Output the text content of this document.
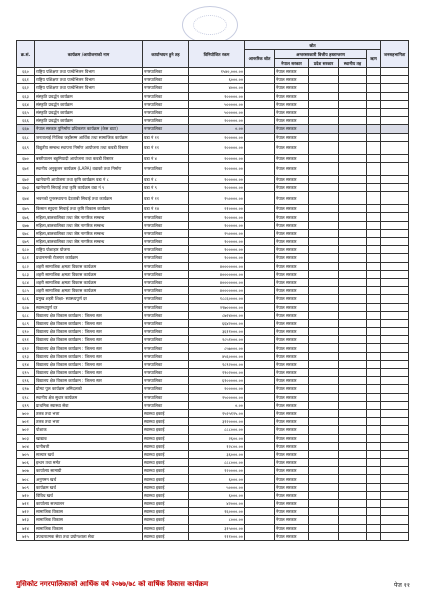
क्र.सं.	कार्यक्रम /आयोजनाको नाम	कार्यान्वयन हुने तह	विनियोजित रकम	स्रोत					जनसहभागिता
				आन्तरिक स्रोत	अन्तरसरकारी वित्तीय हस्तान्तरण			ऋण	
					नेपाल सरकार	प्रदेश सरकार	स्थानीय तह		
६६०	राष्ट्रिय पशिक्षण तथा पञ्चेभिलन विभाग	नगरपालिका	१५४०,०००.००		नेपाल सरकार				
६६१	राष्ट्रिय पशिक्षण तथा पञ्चेभिलन विभाग	नगरपालिका	६०००.००		नेपाल सरकार				
६६२	राष्ट्रिय पशिक्षण तथा पञ्चेभिलन विभाग	नगरपालिका	४०००.००		नेपाल सरकार				
६६३	संस्कृति प्रवर्द्धन कार्यक्रम	नगरपालिका	१०००००.००		नेपाल सरकार				
६६४	संस्कृति प्रवर्द्धन कार्यक्रम	नगरपालिका	५०००००.००		नेपाल सरकार				
६६५	संस्कृति प्रवर्द्धन कार्यक्रम	नगरपालिका	५०००००.००		नेपाल सरकार				
६६६	संस्कृति प्रवर्द्धन कार्यक्रम	नगरपालिका	२०००००.००		नेपाल सरकार				
६६७	नेपाल सरकार पुनिर्माण प्रधिकरण कार्यक्रम (केस डाटा)	नगरपालिका	०.००		नेपाल सरकार				
६६८	जनतालाई निजिक जहाँसम्म आर्थिक तथा सामाजिक कार्यक्रम	वडा नं ११	२०००००.००		नेपाल सरकार				
६६९	विद्युतीय सम्बन्ध स्थापना निर्माण आयोजना तथा कवडी विस्तार	वडा नं ११	२०००००.००		नेपाल सरकार				
६७०	बस्तीपालन बहुमियादी आयोजना तथा कवडी विस्तार	वडा नं ४	२०००००.००		नेपाल सरकार				
६७१	स्थानीय अनुकूलन कार्यक्रम (LAPA) वडाको तथा निर्माण	नगरपालिका	१०००००.००		नेपाल सरकार				
६७२	खानेपानी आयोजना तथा कृषि कार्यक्रम वडा नं ८	वडा नं ८	१०००००.००		नेपाल सरकार				
६७३	खानेपानी सिचाई तथा कृषि कार्यक्रम वडा नं ९	वडा नं ९	१०००००.००		नेपाल सरकार				
६७४	भवनको पुनरस्थापना देउताबी सिचाई तथा कार्यक्रम	वडा नं ११	१५००००.००		नेपाल सरकार				
६७५	किसान स्तुदना सिचाई तथा कृषि विकास कार्यक्रम	वडा नं १४	२१००००.००		नेपाल सरकार				
६७६	महिला,बालबालिका तथा जेष्ठ नागरिक सम्बन्ध	नगरपालिका	१०००००.००		नेपाल सरकार				
६७७	महिला,बालबालिका तथा जेष्ठ नागरिक सम्बन्ध	नगरपालिका	१०००००.००		नेपाल सरकार				
६७८	महिला,बालबालिका तथा जेष्ठ नागरिक सम्बन्ध	नगरपालिका	२५००००.००		नेपाल सरकार				
६७९	महिला,बालबालिका तथा जेष्ठ नागरिक सम्बन्ध	नगरपालिका	१०००००.००		नेपाल सरकार				
६८०	राष्ट्रिय पोशाहार योजना	नगरपालिका	१०००००.००		नेपाल सरकार				
६८१	प्रधानमन्त्री रोजगार कार्यक्रम	नगरपालिका	१०००००.००		नेपाल सरकार				
६८२	शहरी सामाजिक क्षमता विकास कार्यक्रम	नगरपालिका	४०००००००.००		नेपाल सरकार				
६८३	शहरी सामाजिक क्षमता विकास कार्यक्रम	नगरपालिका	४०००००००.००		नेपाल सरकार				
६८४	शहरी सामाजिक क्षमता विकास कार्यक्रम	नगरपालिका	४०००००००.००		नेपाल सरकार				
६८५	शहरी सामाजिक क्षमता विकास कार्यक्रम	नगरपालिका	४०००००००.००		नेपाल सरकार				
६८६	प्रमुख शहरी शिक्षा- स्वास्थ्यपुर्ण दर	नगरपालिका	१८८६००००.००		नेपाल सरकार				
६८७	स्वास्थ्यपुर्ण दर	नगरपालिका	२९७०००००.००		नेपाल सरकार				
६८८	विद्यालय क्षेत्र विकास कार्यक्रम : जिल्ला स्तर	नगरपालिका	८७२४०००.००		नेपाल सरकार				
६८९	विद्यालय क्षेत्र विकास कार्यक्रम : जिल्ला स्तर	नगरपालिका	६६४२०००.००		नेपाल सरकार				
६९०	विद्यालय क्षेत्र विकास कार्यक्रम : जिल्ला स्तर	नगरपालिका	३६११०००.००		नेपाल सरकार				
६९१	विद्यालय क्षेत्र विकास कार्यक्रम : जिल्ला स्तर	नगरपालिका	२८५१०००.००		नेपाल सरकार				
६९२	विद्यालय क्षेत्र विकास कार्यक्रम : जिल्ला स्तर	नगरपालिका	८५७०००.००		नेपाल सरकार				
६९३	विद्यालय क्षेत्र विकास कार्यक्रम : जिल्ला स्तर	नगरपालिका	४५६००००.००		नेपाल सरकार				
६९४	विद्यालय क्षेत्र विकास कार्यक्रम : जिल्ला स्तर	नगरपालिका	१८९२०००.००		नेपाल सरकार				
६९५	विद्यालय क्षेत्र विकास कार्यक्रम : जिल्ला स्तर	नगरपालिका	१९०२०००.००		नेपाल सरकार				
६९६	विद्यालय क्षेत्र विकास कार्यक्रम : जिल्ला स्तर	नगरपालिका	६१०००००.००		नेपाल सरकार				
६९७	प्रोमट पुल कार्यक्रम अमिदलको	नगरपालिका	२०००००.००		नेपाल सरकार				
६९८	स्थानीय क्षेत्र सुधार कार्यक्रम	नगरपालिका	२५०००००.००		नेपाल सरकार				
६९९	प्राथमिक स्वास्थ्य सेवा	नगरपालिका	०.००		नेपाल सरकार				
७००	तलब तथा भत्ता	स्वास्थ्य इकाई	१५२५१२५.००		नेपाल सरकार				
७०१	तलब तथा भत्ता	स्वास्थ्य इकाई	३१२००००.००		नेपाल सरकार				
७०२	पोशाक	स्वास्थ्य इकाई	८८८०००.००		नेपाल सरकार				
७०३	खाद्यान्न	स्वास्थ्य इकाई	२६००.००		नेपाल सरकार				
७०४	पानीबत्ती	स्वास्थ्य इकाई	१२८००.००		नेपाल सरकार				
७०५	सञ्चार खर्च	स्वास्थ्य इकाई	३६०००.००		नेपाल सरकार				
७०६	इन्धन तथा मर्मत	स्वास्थ्य इकाई	८८८०००.००		नेपाल सरकार				
७०७	कार्यालय सामाग्री	स्वास्थ्य इकाई	१२००००.००		नेपाल सरकार				
७०८	अनुगमन खर्च	स्वास्थ्य इकाई	६०००.००		नेपाल सरकार				
७०९	कार्यक्रम खर्च	स्वास्थ्य इकाई	५००००.००		नेपाल सरकार				
७१०	विविध खर्च	स्वास्थ्य इकाई	६०००.००		नेपाल सरकार				
७११	कार्यालय सञ्चालन	स्वास्थ्य इकाई	४२०००.००		नेपाल सरकार				
७१२	सामाजिक विकास	स्वास्थ्य इकाई	१६००००.००		नेपाल सरकार				
७१३	सामाजिक विकास	स्वास्थ्य इकाई	८०००.००		नेपाल सरकार				
७१४	सामाजिक विकास	स्वास्थ्य इकाई	३१५०००.००		नेपाल सरकार				
७१५	उपचारात्मक सेवा तथा प्रयोगशाला सेवा	स्वास्थ्य इकाई	१११०००.००		नेपाल सरकार				
मुसिकोट नगरपालिकाको आर्थिक वर्ष २०७७/७८ को वार्षिक विकास कार्यक्रम	पेज ११
